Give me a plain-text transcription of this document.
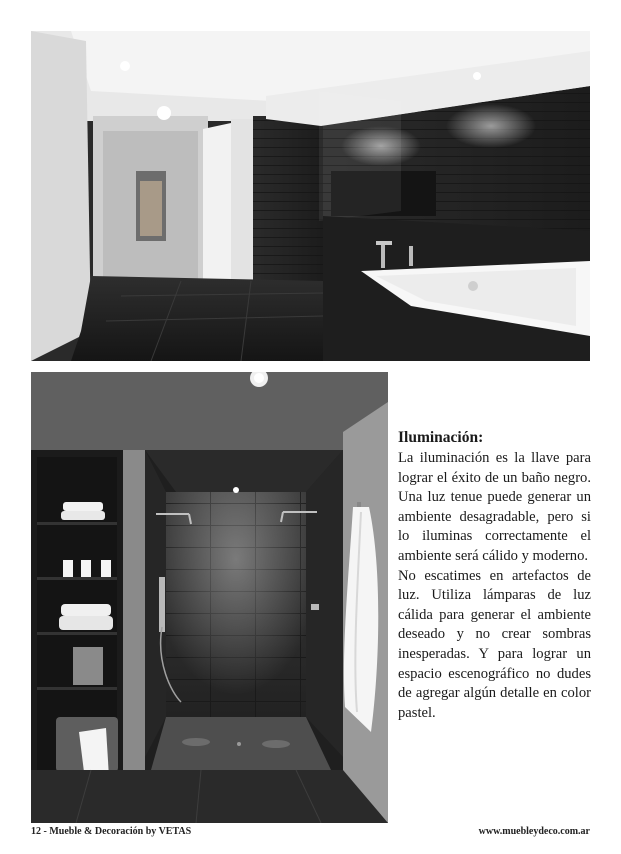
Iluminación:

La iluminación es la llave para lograr el éxito de un baño negro. Una luz tenue puede generar un ambiente desagradable, pero si lo iluminas correctamente el ambiente será cálido y moderno.

No escatimes en artefactos de luz. Utiliza lámparas de luz cálida para generar el ambiente deseado y no crear sombras inesperadas. Y para lograr un espacio escenográfico no dudes de agregar algún detalle en color pastel.

12 - Mueble & Decoración by VETAS	www.muebleydeco.com.ar
